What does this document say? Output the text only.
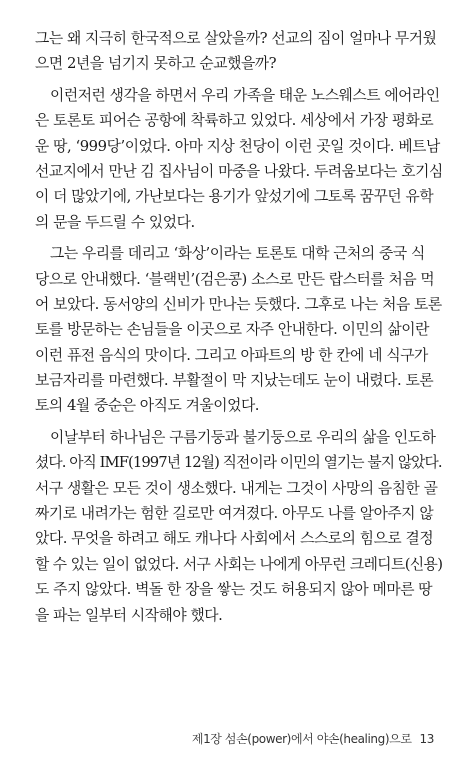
그는 왜 지극히 한국적으로 살았을까? 선교의 짐이 얼마나 무거웠
으면 2년을 넘기지 못하고 순교했을까?
이런저런 생각을 하면서 우리 가족을 태운 노스웨스트 에어라인
은 토론토 피어슨 공항에 착륙하고 있었다. 세상에서 가장 평화로
운 땅, ‘999당’이었다. 아마 지상 천당이 이런 곳일 것이다. 베트남
선교지에서 만난 김 집사님이 마중을 나왔다. 두려움보다는 호기심
이 더 많았기에, 가난보다는 용기가 앞섰기에 그토록 꿈꾸던 유학
의 문을 두드릴 수 있었다.
그는 우리를 데리고 ‘화상’이라는 토론토 대학 근처의 중국 식
당으로 안내했다. ‘블랙빈’(검은콩) 소스로 만든 랍스터를 처음 먹
어 보았다. 동서양의 신비가 만나는 듯했다. 그후로 나는 처음 토론
토를 방문하는 손님들을 이곳으로 자주 안내한다. 이민의 삶이란
이런 퓨전 음식의 맛이다. 그리고 아파트의 방 한 칸에 네 식구가
보금자리를 마련했다. 부활절이 막 지났는데도 눈이 내렸다. 토론
토의 4월 중순은 아직도 겨울이었다.
이날부터 하나님은 구름기둥과 불기둥으로 우리의 삶을 인도하
셨다. 아직 IMF(1997년 12월) 직전이라 이민의 열기는 불지 않았다.
서구 생활은 모든 것이 생소했다. 내게는 그것이 사망의 음침한 골
짜기로 내려가는 험한 길로만 여겨졌다. 아무도 나를 알아주지 않
았다. 무엇을 하려고 해도 캐나다 사회에서 스스로의 힘으로 결정
할 수 있는 일이 없었다. 서구 사회는 나에게 아무런 크레디트(신용)
도 주지 않았다. 벽돌 한 장을 쌓는 것도 허용되지 않아 메마른 땅
을 파는 일부터 시작해야 했다.
제1장 섬손(power)에서 야손(healing)으로 13
